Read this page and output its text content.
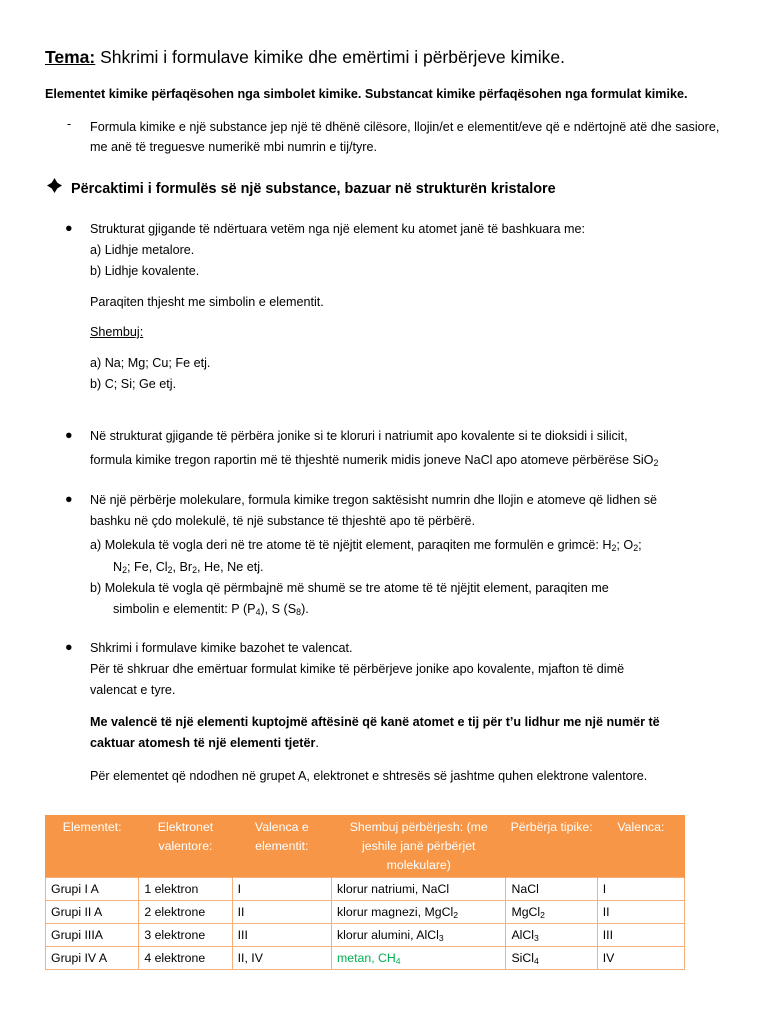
Tema: Shkrimi i formulave kimike dhe emërtimi i përbërjeve kimike.
Elementet kimike përfaqësohen nga simbolet kimike. Substancat kimike përfaqësohen nga formulat kimike.
- Formula kimike e një substance jep një të dhënë cilësore, llojin/et e elementit/eve që e ndërtojnë atë dhe sasiore, me anë të treguesve numerikë mbi numrin e tij/tyre.
Përcaktimi i formulës së një substance, bazuar në strukturën kristalore
● Strukturat gjigande të ndërtuara vetëm nga një element ku atomet janë të bashkuara me:
a) Lidhje metalore.
b) Lidhje kovalente.
Paraqiten thjesht me simbolin e elementit.
Shembuj:
a) Na; Mg; Cu; Fe etj.
b) C; Si; Ge etj.
● Në strukturat gjigande të përbëra jonike si te kloruri i natriumit apo kovalente si te dioksidi i silicit,
formula kimike tregon raportin më të thjeshtë numerik midis joneve NaCl apo atomeve përbërëse SiO$_2$
● Në një përbërje molekulare, formula kimike tregon saktësisht numrin dhe llojin e atomeve që lidhen së
bashku në çdo molekulë, të një substance të thjeshtë apo të përbërë.
a) Molekula të vogla deri në tre atome të të njëjtit element, paraqiten me formulën e grimcë: $H_2$; $O_2$;
$N_2$; Fe, $Cl_2$, $Br_2$, He, Ne etj.
b) Molekula të vogla që përmbajnë më shumë se tre atome të të njëjtit element, paraqiten me
simbolin e elementit: P $(P_4)$, S $(S_8)$.
● Shkrimi i formulave kimike bazohet te valencat.
Për të shkruar dhe emërtuar formulat kimike të përbërjeve jonike apo kovalente, mjafton të dimë
valencat e tyre.
Me valencë të një elementi kuptojmë aftësinë që kanë atomet e tij për t’u lidhur me një numër të
caktuar atomesh të një elementi tjetër.
Për elementet që ndodhen në grupet A, elektronet e shtresës së jashtme quhen elektrone valentore.
Elementet:	Elektronet valentore:	Valenca e elementit:	Shembuj përbërjesh: (me jeshile janë përbërjet molekulare)	Përbërja tipike:	Valenca:
Grupi I A	1 elektron	I	klorur natriumi, NaCl	NaCl	I
Grupi II A	2 elektrone	II	klorur magnezi, MgCl$_2$	MgCl$_2$	II
Grupi IIIA	3 elektrone	III	klorur alumini, AlCl$_3$	AlCl$_3$	III
Grupi IV A	4 elektrone	II, IV	metan, $CH_4$	SiCl$_4$	IV
